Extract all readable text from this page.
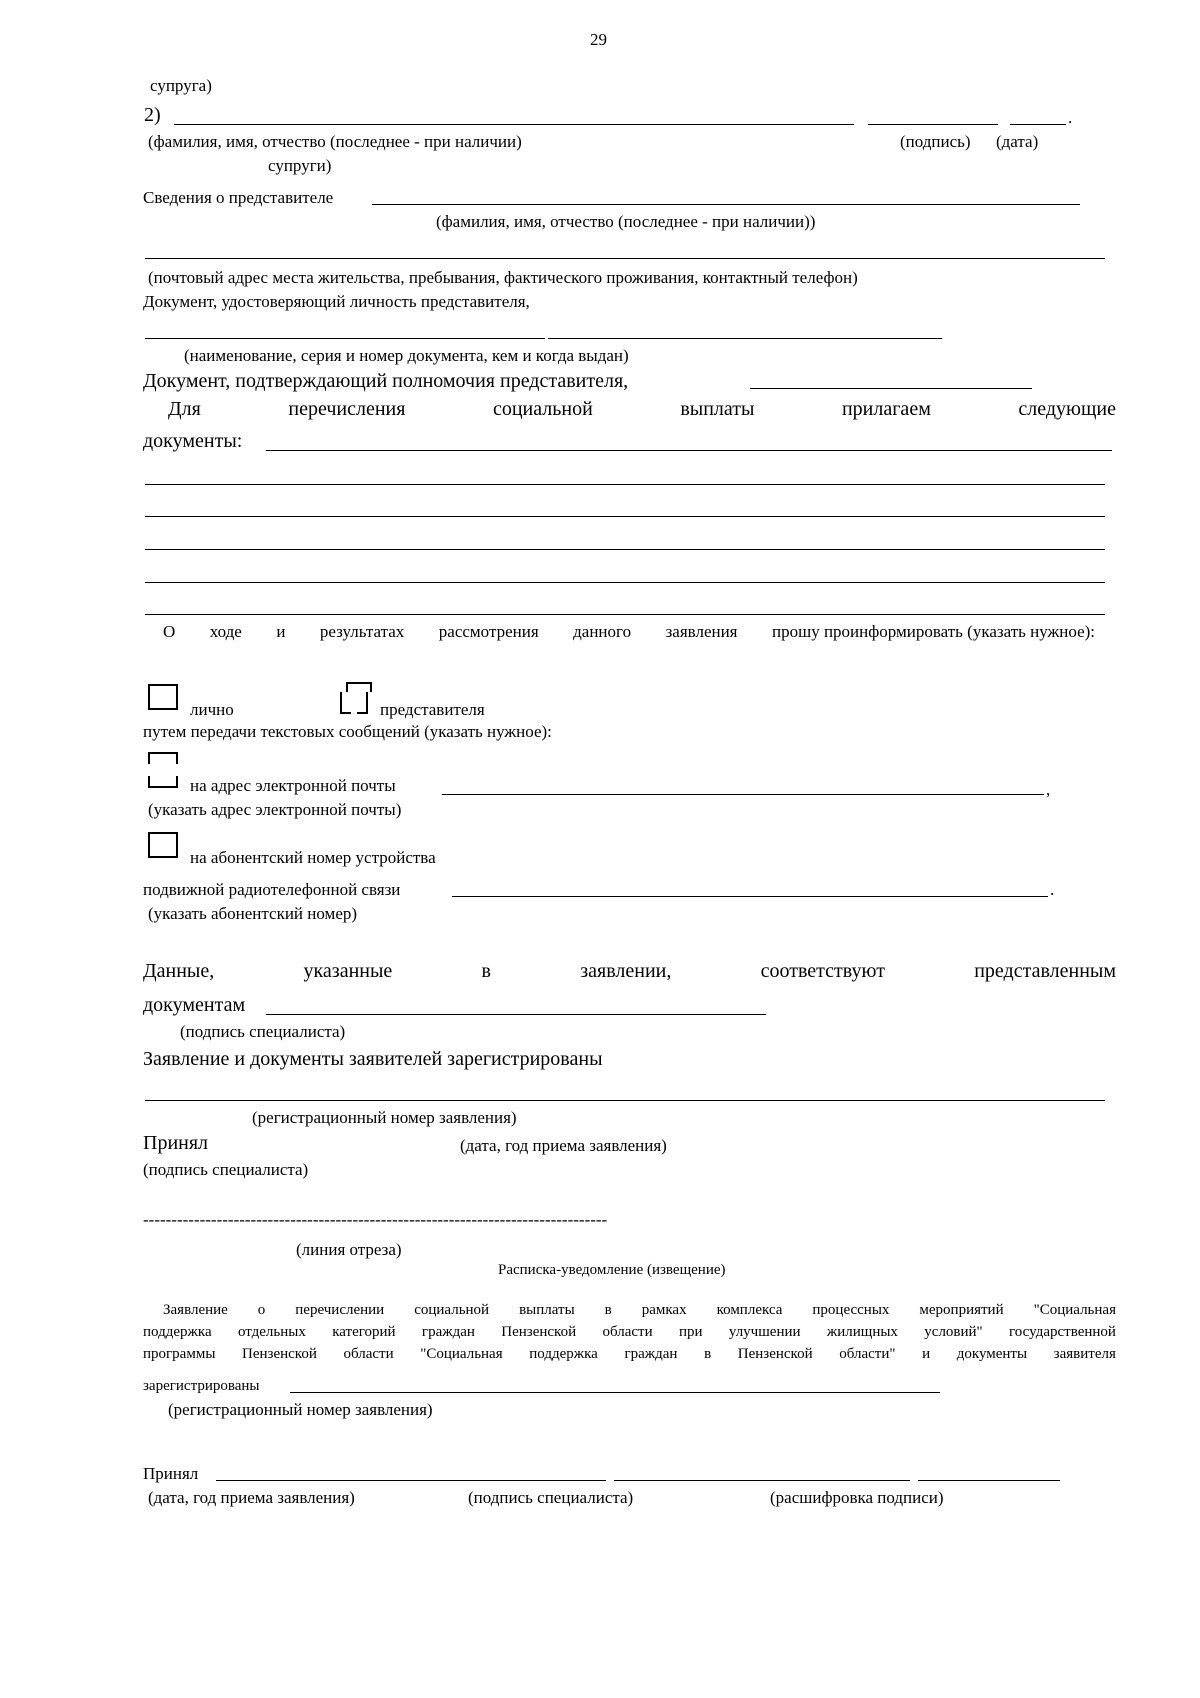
29
супруга)
2)	.
(фамилия, имя, отчество (последнее - при наличии)	(подпись) (дата)
супруги)
Сведения о представителе
(фамилия, имя, отчество (последнее - при наличии))
(почтовый адрес места жительства, пребывания, фактического проживания, контактный телефон)
Документ, удостоверяющий личность представителя,
(наименование, серия и номер документа, кем и когда выдан)
Документ, подтверждающий полномочия представителя,
Для	перечисления	социальной	выплаты	прилагаем	следующие
документы:
О ходе и результатах рассмотрения данного заявления прошу проинформировать (указать нужное):
лично	представителя
путем передачи текстовых сообщений (указать нужное):
на адрес электронной почты	,
(указать адрес электронной почты)
на абонентский номер устройства
подвижной радиотелефонной связи	.
(указать абонентский номер)
Данные,	указанные	в	заявлении,	соответствуют	представленным
документам
(подпись специалиста)
Заявление и документы заявителей зарегистрированы
(регистрационный номер заявления)
Принял	(дата, год приема заявления)
(подпись специалиста)
----------------------------------------------------------------------------------
(линия отреза)
Расписка-уведомление (извещение)
Заявление о перечислении социальной выплаты в рамках комплекса процессных мероприятий "Социальная
поддержка отдельных категорий граждан Пензенской области при улучшении жилищных условий" государственной
программы Пензенской области "Социальная поддержка граждан в Пензенской области" и документы заявителя
зарегистрированы
(регистрационный номер заявления)
Принял
(дата, год приема заявления)	(подпись специалиста)	(расшифровка подписи)
